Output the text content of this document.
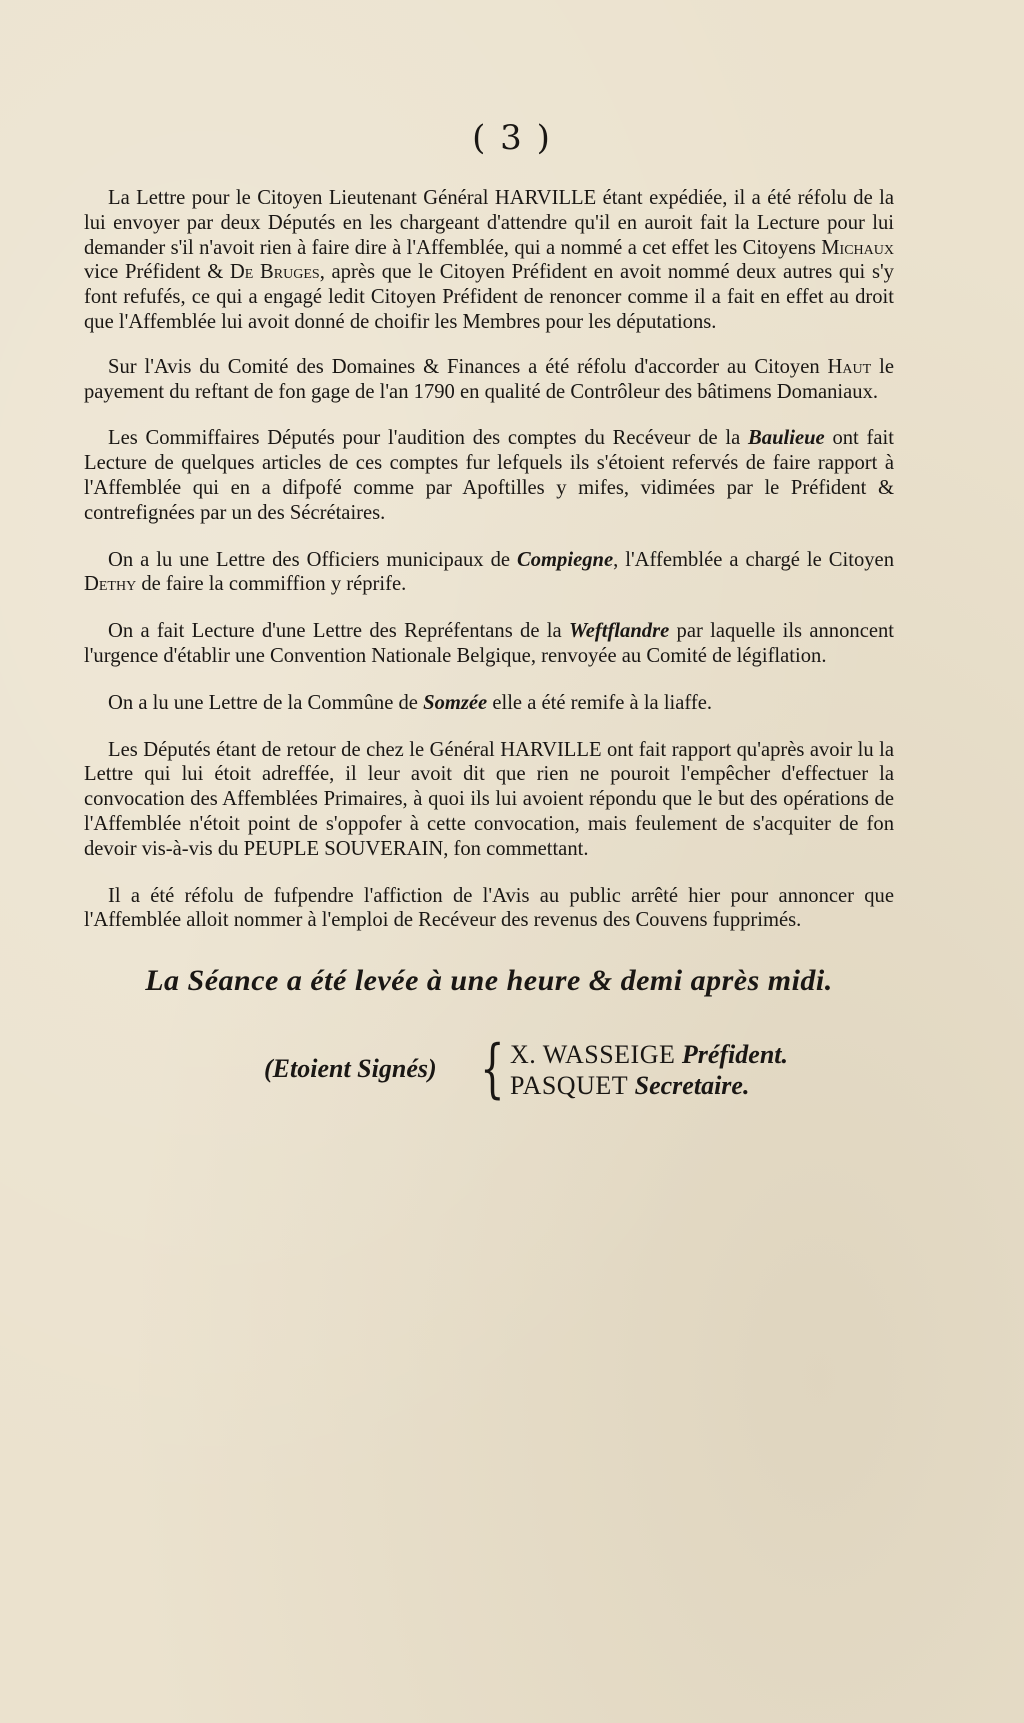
( 3 )

La Lettre pour le Citoyen Lieutenant Général HARVILLE étant expédiée, il a été réfolu de la lui envoyer par deux Députés en les chargeant d'attendre qu'il en auroit fait la Lecture pour lui demander s'il n'avoit rien à faire dire à l'Affemblée, qui a nommé a cet effet les Citoyens Michaux vice Préfident & De Bruges, après que le Citoyen Préfident en avoit nommé deux autres qui s'y font refufés, ce qui a engagé ledit Citoyen Préfident de renoncer comme il a fait en effet au droit que l'Affemblée lui avoit donné de choifir les Membres pour les députations.

Sur l'Avis du Comité des Domaines & Finances a été réfolu d'accorder au Citoyen Haut le payement du reftant de fon gage de l'an 1790 en qualité de Contrôleur des bâtimens Domaniaux.

Les Commiffaires Députés pour l'audition des comptes du Recéveur de la Baulieue ont fait Lecture de quelques articles de ces comptes fur lefquels ils s'étoient refervés de faire rapport à l'Affemblée qui en a difpofé comme par Apoftilles y mifes, vidimées par le Préfident & contrefignées par un des Sécrétaires.

On a lu une Lettre des Officiers municipaux de Compiegne, l'Affemblée a chargé le Citoyen Dethy de faire la commiffion y réprife.

On a fait Lecture d'une Lettre des Repréfentans de la Weftflandre par laquelle ils annoncent l'urgence d'établir une Convention Nationale Belgique, renvoyée au Comité de légiflation.

On a lu une Lettre de la Commûne de Somzée elle a été remife à la liaffe.

Les Députés étant de retour de chez le Général HARVILLE ont fait rapport qu'après avoir lu la Lettre qui lui étoit adreffée, il leur avoit dit que rien ne pouroit l'empêcher d'effectuer la convocation des Affemblées Primaires, à quoi ils lui avoient répondu que le but des opérations de l'Affemblée n'étoit point de s'oppofer à cette convocation, mais feulement de s'acquiter de fon devoir vis-à-vis du PEUPLE SOUVERAIN, fon commettant.

Il a été réfolu de fufpendre l'affiction de l'Avis au public arrêté hier pour annoncer que l'Affemblée alloit nommer à l'emploi de Recéveur des revenus des Couvens fupprimés.

La Séance a été levée à une heure & demi après midi.
(Etoient Signés) { X. WASSEIGE Préfident.
PASQUET Secretaire.
